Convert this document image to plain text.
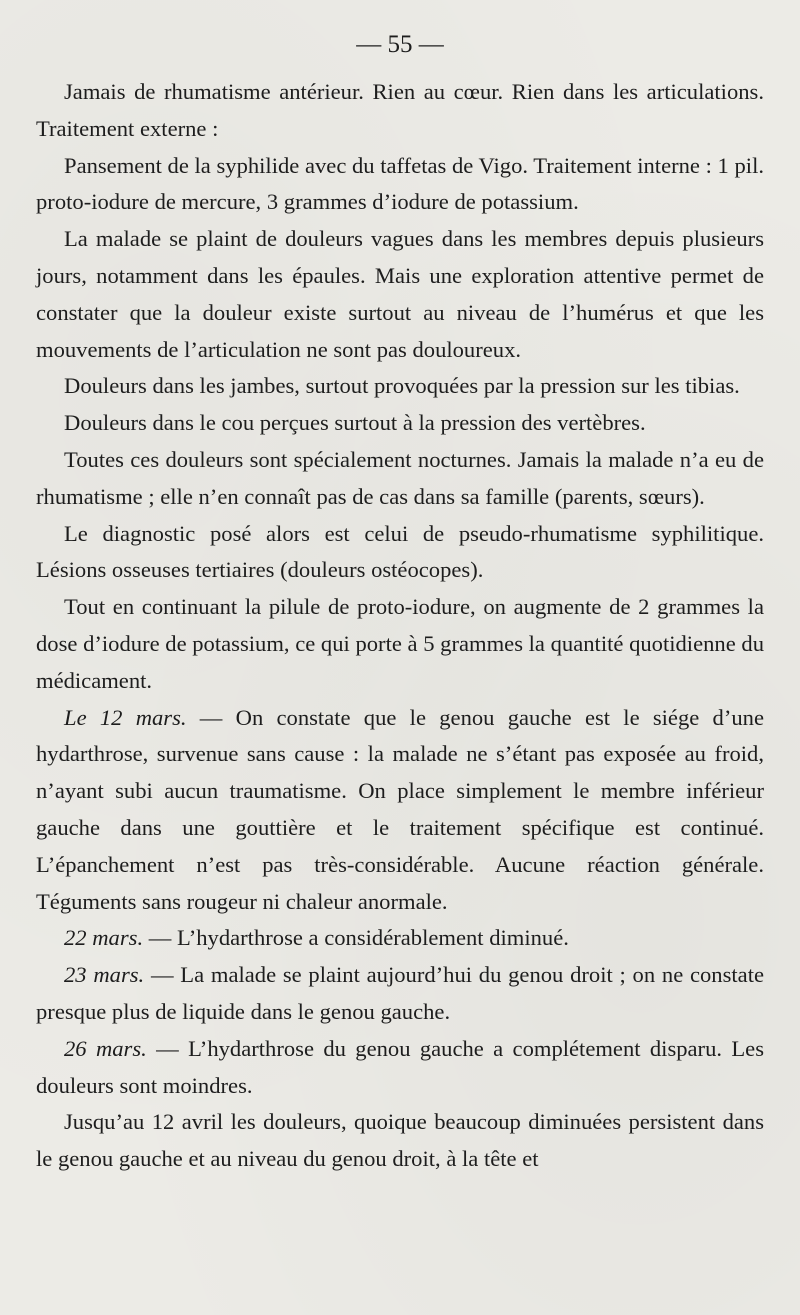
— 55 —

Jamais de rhumatisme antérieur. Rien au cœur. Rien dans les articulations. Traitement externe :

Pansement de la syphilide avec du taffetas de Vigo. Traitement interne : 1 pil. proto-iodure de mercure, 3 grammes d’iodure de potassium.

La malade se plaint de douleurs vagues dans les membres depuis plusieurs jours, notamment dans les épaules. Mais une exploration attentive permet de constater que la douleur existe surtout au niveau de l’humérus et que les mouvements de l’articulation ne sont pas douloureux.

Douleurs dans les jambes, surtout provoquées par la pression sur les tibias.

Douleurs dans le cou perçues surtout à la pression des vertèbres.

Toutes ces douleurs sont spécialement nocturnes. Jamais la malade n’a eu de rhumatisme ; elle n’en connaît pas de cas dans sa famille (parents, sœurs).

Le diagnostic posé alors est celui de pseudo-rhumatisme syphilitique. Lésions osseuses tertiaires (douleurs ostéocopes).

Tout en continuant la pilule de proto-iodure, on augmente de 2 grammes la dose d’iodure de potassium, ce qui porte à 5 grammes la quantité quotidienne du médicament.

Le 12 mars. — On constate que le genou gauche est le siége d’une hydarthrose, survenue sans cause : la malade ne s’étant pas exposée au froid, n’ayant subi aucun traumatisme. On place simplement le membre inférieur gauche dans une gouttière et le traitement spécifique est continué. L’épanchement n’est pas très-considérable. Aucune réaction générale. Téguments sans rougeur ni chaleur anormale.

22 mars. — L’hydarthrose a considérablement diminué.

23 mars. — La malade se plaint aujourd’hui du genou droit ; on ne constate presque plus de liquide dans le genou gauche.

26 mars. — L’hydarthrose du genou gauche a complétement disparu. Les douleurs sont moindres.

Jusqu’au 12 avril les douleurs, quoique beaucoup diminuées persistent dans le genou gauche et au niveau du genou droit, à la tête et
